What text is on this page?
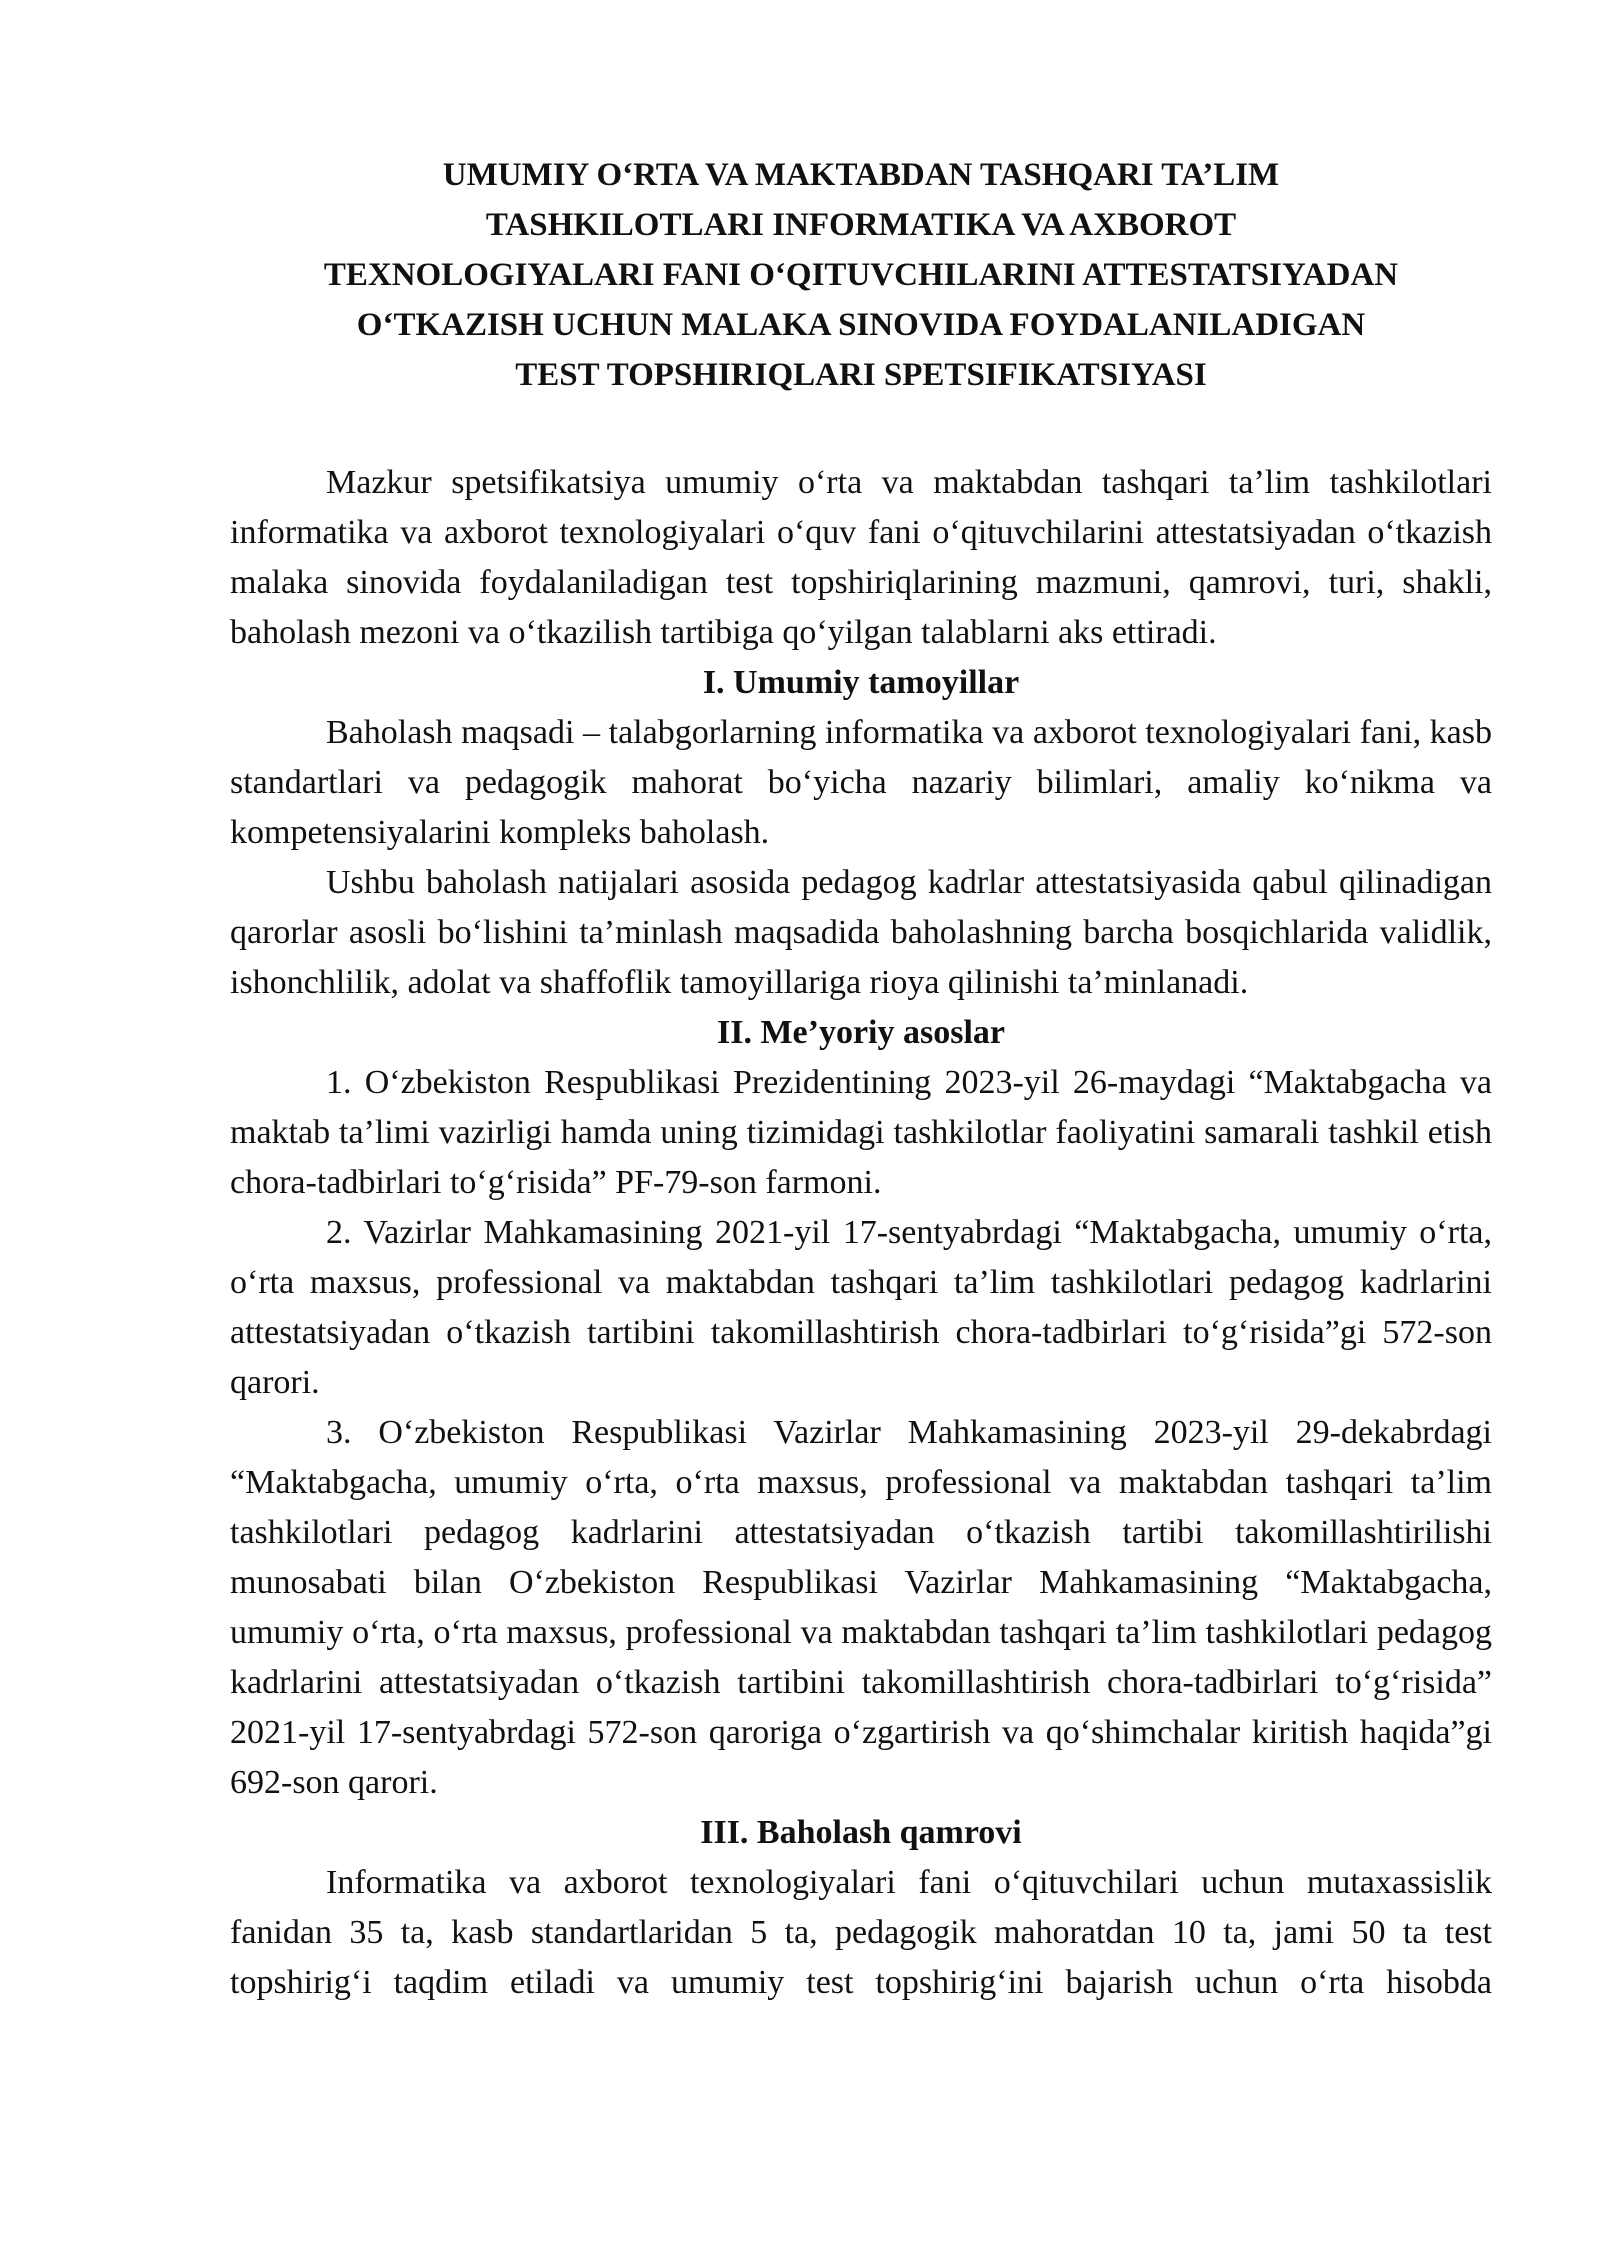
UMUMIY O‘RTA VA MAKTABDAN TASHQARI TA’LIM
TASHKILOTLARI INFORMATIKA VA AXBOROT
TEXNOLOGIYALARI FANI O‘QITUVCHILARINI ATTESTATSIYADAN
O‘TKAZISH UCHUN MALAKA SINOVIDA FOYDALANILADIGAN
TEST TOPSHIRIQLARI SPETSIFIKATSIYASI

Mazkur spetsifikatsiya umumiy o‘rta va maktabdan tashqari ta’lim tashkilotlari informatika va axborot texnologiyalari o‘quv fani o‘qituvchilarini attestatsiyadan o‘tkazish malaka sinovida foydalaniladigan test topshiriqlarining mazmuni, qamrovi, turi, shakli, baholash mezoni va o‘tkazilish tartibiga qo‘yilgan talablarni aks ettiradi.

I. Umumiy tamoyillar

Baholash maqsadi – talabgorlarning informatika va axborot texnologiyalari fani, kasb standartlari va pedagogik mahorat bo‘yicha nazariy bilimlari, amaliy ko‘nikma va kompetensiyalarini kompleks baholash.

Ushbu baholash natijalari asosida pedagog kadrlar attestatsiyasida qabul qilinadigan qarorlar asosli bo‘lishini ta’minlash maqsadida baholashning barcha bosqichlarida validlik, ishonchlilik, adolat va shaffoflik tamoyillariga rioya qilinishi ta’minlanadi.

II. Me’yoriy asoslar

1. O‘zbekiston Respublikasi Prezidentining 2023-yil 26-maydagi “Maktabgacha va maktab ta’limi vazirligi hamda uning tizimidagi tashkilotlar faoliyatini samarali tashkil etish chora-tadbirlari to‘g‘risida” PF-79-son farmoni.

2. Vazirlar Mahkamasining 2021-yil 17-sentyabrdagi “Maktabgacha, umumiy o‘rta, o‘rta maxsus, professional va maktabdan tashqari ta’lim tashkilotlari pedagog kadrlarini attestatsiyadan o‘tkazish tartibini takomillashtirish chora-tadbirlari to‘g‘risida”gi 572-son qarori.

3. O‘zbekiston Respublikasi Vazirlar Mahkamasining 2023-yil 29-dekabrdagi “Maktabgacha, umumiy o‘rta, o‘rta maxsus, professional va maktabdan tashqari ta’lim tashkilotlari pedagog kadrlarini attestatsiyadan o‘tkazish tartibi takomillashtirilishi munosabati bilan O‘zbekiston Respublikasi Vazirlar Mahkamasining “Maktabgacha, umumiy o‘rta, o‘rta maxsus, professional va maktabdan tashqari ta’lim tashkilotlari pedagog kadrlarini attestatsiyadan o‘tkazish tartibini takomillashtirish chora-tadbirlari to‘g‘risida” 2021-yil 17-sentyabrdagi 572-son qaroriga o‘zgartirish va qo‘shimchalar kiritish haqida”gi 692-son qarori.

III. Baholash qamrovi

Informatika va axborot texnologiyalari fani o‘qituvchilari uchun mutaxassislik fanidan 35 ta, kasb standartlaridan 5 ta, pedagogik mahoratdan 10 ta, jami 50 ta test topshirig‘i taqdim etiladi va umumiy test topshirig‘ini bajarish uchun o‘rta hisobda
